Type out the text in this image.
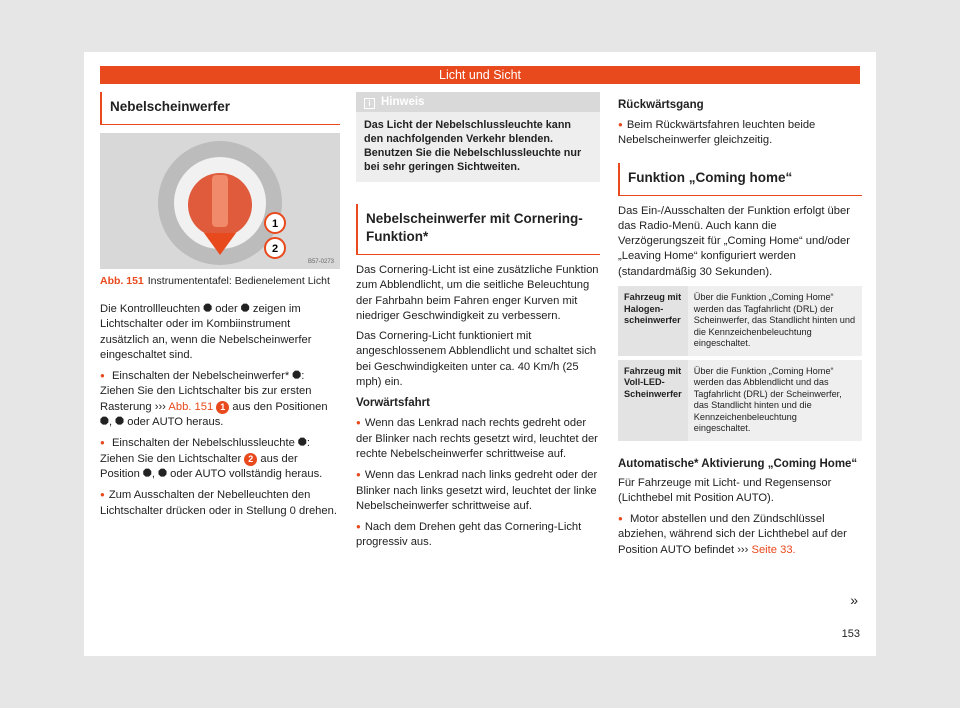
Licht und Sicht
Nebelscheinwerfer
1
2
B57-0273
Abb. 151 Instrumententafel: Bedienelement Licht
Die Kontrollleuchten ⯃ oder ⯃ zeigen im Lichtschalter oder im Kombiinstrument zusätzlich an, wenn die Nebelscheinwerfer eingeschaltet sind.
● Einschalten der Nebelscheinwerfer* ⯃: Ziehen Sie den Lichtschalter bis zur ersten Rasterung ››› Abb. 151 1 aus den Positionen ⯃, ⯃ oder AUTO heraus.
● Einschalten der Nebelschlussleuchte ⯃: Ziehen Sie den Lichtschalter 2 aus der Position ⯃, ⯃ oder AUTO vollständig heraus.
● Zum Ausschalten der Nebelleuchten den Lichtschalter drücken oder in Stellung 0 drehen.
i Hinweis
Das Licht der Nebelschlussleuchte kann den nachfolgenden Verkehr blenden. Benutzen Sie die Nebelschlussleuchte nur bei sehr geringen Sichtweiten.
Nebelscheinwerfer mit Cornering-Funktion*
Das Cornering-Licht ist eine zusätzliche Funktion zum Abblendlicht, um die seitliche Beleuchtung der Fahrbahn beim Fahren enger Kurven mit niedriger Geschwindigkeit zu verbessern.
Das Cornering-Licht funktioniert mit angeschlossenem Abblendlicht und schaltet sich bei Geschwindigkeiten unter ca. 40 Km/h (25 mph) ein.
Vorwärtsfahrt
● Wenn das Lenkrad nach rechts gedreht oder der Blinker nach rechts gesetzt wird, leuchtet der rechte Nebelscheinwerfer schrittweise auf.
● Wenn das Lenkrad nach links gedreht oder der Blinker nach links gesetzt wird, leuchtet der linke Nebelscheinwerfer schrittweise auf.
● Nach dem Drehen geht das Cornering-Licht progressiv aus.
Rückwärtsgang
● Beim Rückwärtsfahren leuchten beide Nebelscheinwerfer gleichzeitig.
Funktion „Coming home“
Das Ein-/Ausschalten der Funktion erfolgt über das Radio-Menü. Auch kann die Verzögerungszeit für „Coming Home“ und/oder „Leaving Home“ konfiguriert werden (standardmäßig 30 Sekunden).
Fahrzeug mit Halogen-scheinwerfer	Über die Funktion „Coming Home“ werden das Tagfahrlicht (DRL) der Scheinwerfer, das Standlicht hinten und die Kennzeichenbeleuchtung eingeschaltet.
Fahrzeug mit Voll-LED-Scheinwerfer	Über die Funktion „Coming Home“ werden das Abblendlicht und das Tagfahrlicht (DRL) der Scheinwerfer, das Standlicht hinten und die Kennzeichenbeleuchtung eingeschaltet.
Automatische* Aktivierung „Coming Home“
Für Fahrzeuge mit Licht- und Regensensor (Lichthebel mit Position AUTO).
● Motor abstellen und den Zündschlüssel abziehen, während sich der Lichthebel auf der Position AUTO befindet ››› Seite 33.
»
153
